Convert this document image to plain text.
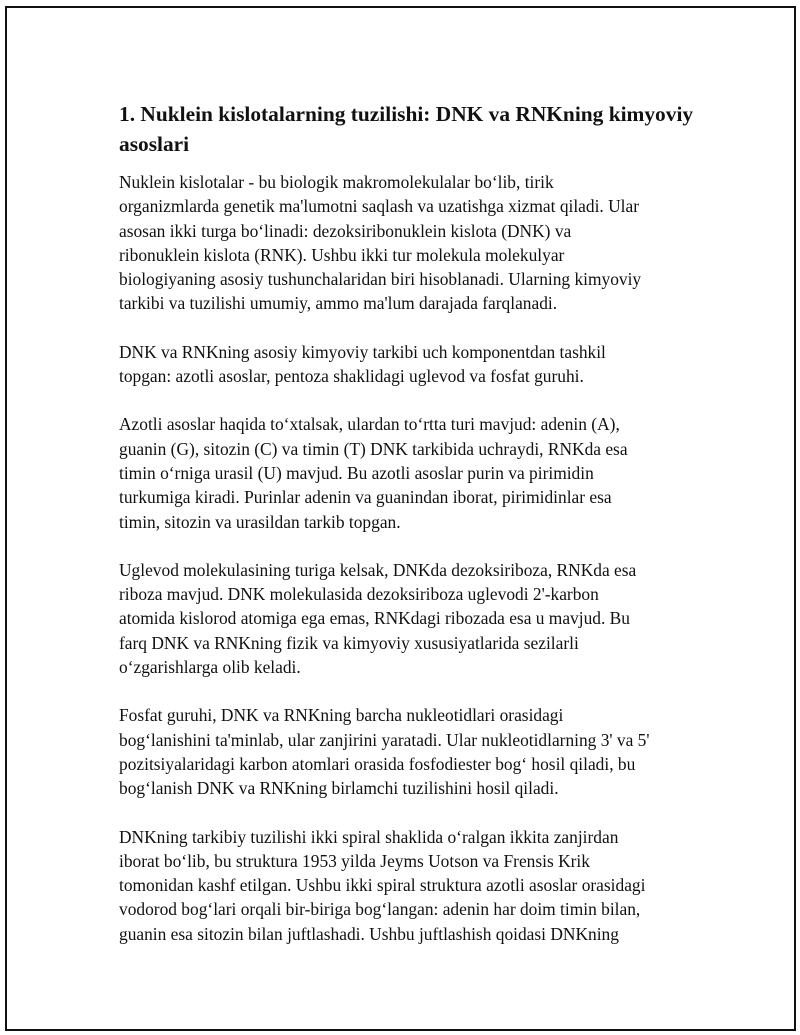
1. Nuklein kislotalarning tuzilishi: DNK va RNKning kimyoviy
asoslari

Nuklein kislotalar - bu biologik makromolekulalar bo‘lib, tirik
organizmlarda genetik ma'lumotni saqlash va uzatishga xizmat qiladi. Ular
asosan ikki turga bo‘linadi: dezoksiribonuklein kislota (DNK) va
ribonuklein kislota (RNK). Ushbu ikki tur molekula molekulyar
biologiyaning asosiy tushunchalaridan biri hisoblanadi. Ularning kimyoviy
tarkibi va tuzilishi umumiy, ammo ma'lum darajada farqlanadi.

DNK va RNKning asosiy kimyoviy tarkibi uch komponentdan tashkil
topgan: azotli asoslar, pentoza shaklidagi uglevod va fosfat guruhi.

Azotli asoslar haqida to‘xtalsak, ulardan to‘rtta turi mavjud: adenin (A),
guanin (G), sitozin (C) va timin (T) DNK tarkibida uchraydi, RNKda esa
timin o‘rniga urasil (U) mavjud. Bu azotli asoslar purin va pirimidin
turkumiga kiradi. Purinlar adenin va guanindan iborat, pirimidinlar esa
timin, sitozin va urasildan tarkib topgan.

Uglevod molekulasining turiga kelsak, DNKda dezoksiriboza, RNKda esa
riboza mavjud. DNK molekulasida dezoksiriboza uglevodi 2'-karbon
atomida kislorod atomiga ega emas, RNKdagi ribozada esa u mavjud. Bu
farq DNK va RNKning fizik va kimyoviy xususiyatlarida sezilarli
o‘zgarishlarga olib keladi.

Fosfat guruhi, DNK va RNKning barcha nukleotidlari orasidagi
bog‘lanishini ta'minlab, ular zanjirini yaratadi. Ular nukleotidlarning 3' va 5'
pozitsiyalaridagi karbon atomlari orasida fosfodiester bog‘ hosil qiladi, bu
bog‘lanish DNK va RNKning birlamchi tuzilishini hosil qiladi.

DNKning tarkibiy tuzilishi ikki spiral shaklida o‘ralgan ikkita zanjirdan
iborat bo‘lib, bu struktura 1953 yilda Jeyms Uotson va Frensis Krik
tomonidan kashf etilgan. Ushbu ikki spiral struktura azotli asoslar orasidagi
vodorod bog‘lari orqali bir-biriga bog‘langan: adenin har doim timin bilan,
guanin esa sitozin bilan juftlashadi. Ushbu juftlashish qoidasi DNKning
